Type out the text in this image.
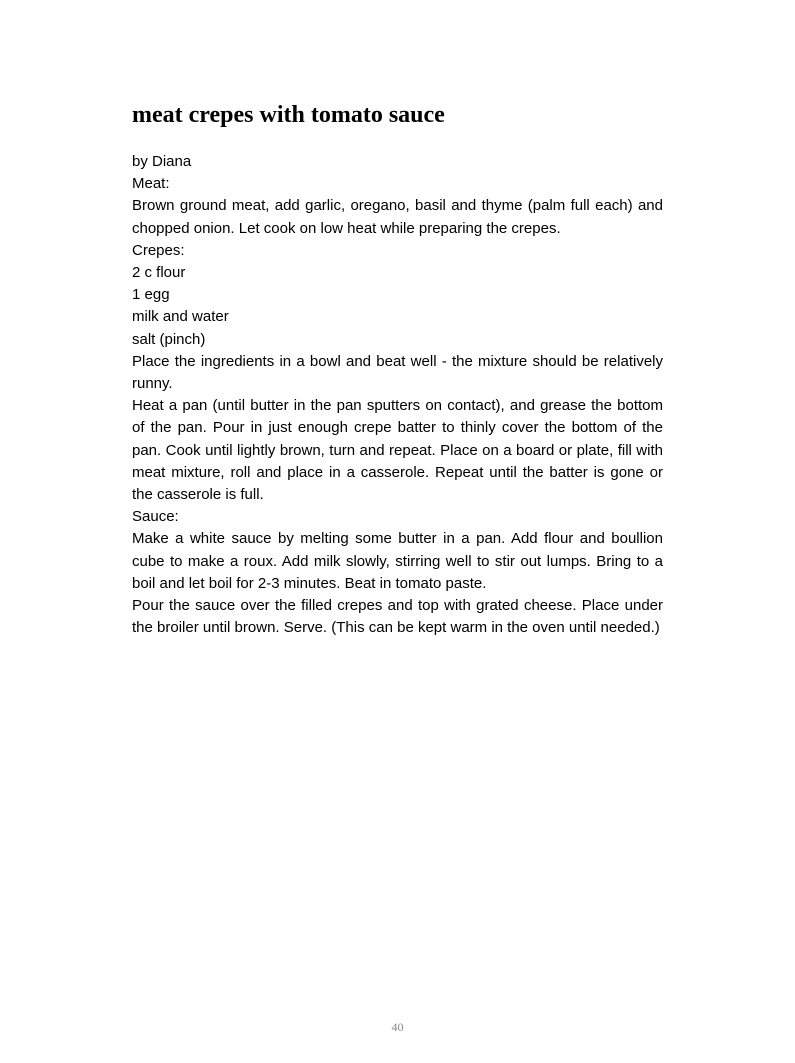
meat crepes with tomato sauce

by Diana

Meat:

Brown ground meat, add garlic, oregano, basil and thyme (palm full each) and chopped onion. Let cook on low heat while preparing the crepes.

Crepes:

2 c flour

1 egg

milk and water

salt (pinch)

Place the ingredients in a bowl and beat well - the mixture should be relatively runny.

Heat a pan (until butter in the pan sputters on contact), and grease the bottom of the pan. Pour in just enough crepe batter to thinly cover the bottom of the pan. Cook until lightly brown, turn and repeat. Place on a board or plate, fill with meat mixture, roll and place in a casserole. Repeat until the batter is gone or the casserole is full.

Sauce:

Make a white sauce by melting some butter in a pan. Add flour and boullion cube to make a roux. Add milk slowly, stirring well to stir out lumps. Bring to a boil and let boil for 2-3 minutes. Beat in tomato paste.

Pour the sauce over the filled crepes and top with grated cheese. Place under the broiler until brown. Serve. (This can be kept warm in the oven until needed.)

40
